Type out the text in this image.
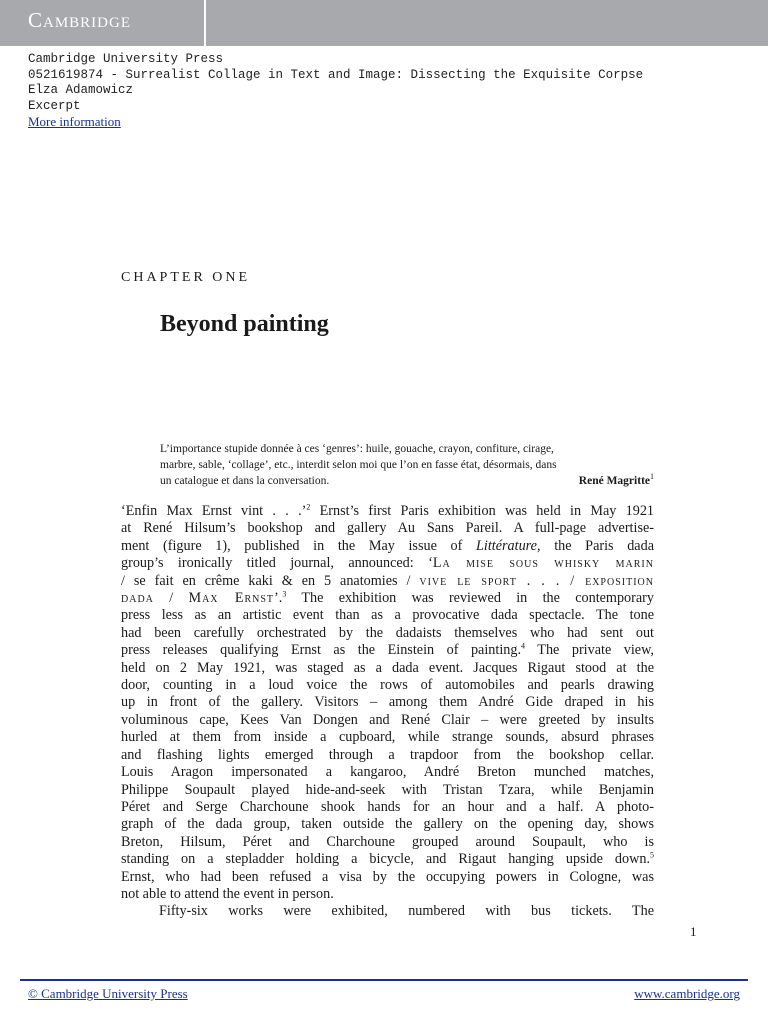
Cambridge
Cambridge University Press
0521619874 - Surrealist Collage in Text and Image: Dissecting the Exquisite Corpse
Elza Adamowicz
Excerpt
More information
CHAPTER ONE
Beyond painting
L’importance stupide donnée à ces ‘genres’: huile, gouache, crayon, confiture, cirage,
marbre, sable, ‘collage’, etc., interdit selon moi que l’on en fasse état, désormais, dans
un catalogue et dans la conversation.	René Magritte$^1$

‘Enfin Max Ernst vint . . .’$^2$ Ernst’s first Paris exhibition was held in May 1921
at René Hilsum’s bookshop and gallery Au Sans Pareil. A full-page advertise-
ment (figure 1), published in the May issue of Littérature, the Paris dada
group’s ironically titled journal, announced: ‘La mise sous whisky marin
/ se fait en crême kaki & en 5 anatomies / vive le sport . . . / exposition
dada / Max Ernst’.$^3$ The exhibition was reviewed in the contemporary
press less as an artistic event than as a provocative dada spectacle. The tone
had been carefully orchestrated by the dadaists themselves who had sent out
press releases qualifying Ernst as the Einstein of painting.$^4$ The private view,
held on 2 May 1921, was staged as a dada event. Jacques Rigaut stood at the
door, counting in a loud voice the rows of automobiles and pearls drawing
up in front of the gallery. Visitors – among them André Gide draped in his
voluminous cape, Kees Van Dongen and René Clair – were greeted by insults
hurled at them from inside a cupboard, while strange sounds, absurd phrases
and flashing lights emerged through a trapdoor from the bookshop cellar.
Louis Aragon impersonated a kangaroo, André Breton munched matches,
Philippe Soupault played hide-and-seek with Tristan Tzara, while Benjamin
Péret and Serge Charchoune shook hands for an hour and a half. A photo-
graph of the dada group, taken outside the gallery on the opening day, shows
Breton, Hilsum, Péret and Charchoune grouped around Soupault, who is
standing on a stepladder holding a bicycle, and Rigaut hanging upside down.$^5$
Ernst, who had been refused a visa by the occupying powers in Cologne, was
not able to attend the event in person.

Fifty-six works were exhibited, numbered with bus tickets. The

1
© Cambridge University Press	www.cambridge.org
